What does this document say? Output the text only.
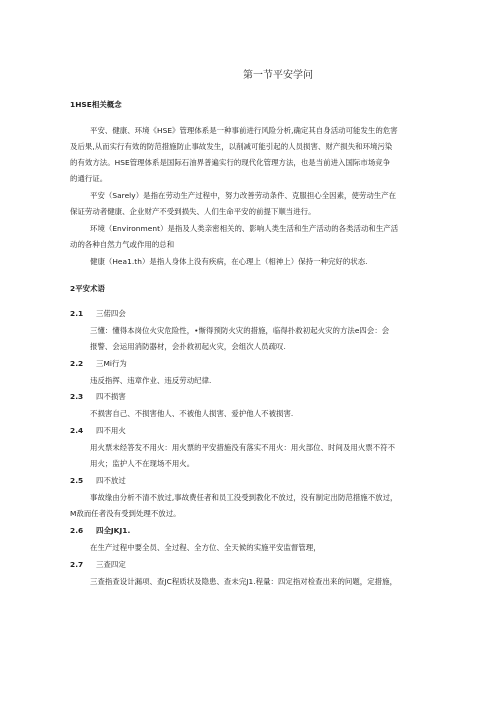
第一节平安学问
1HSE相关概念
平安、健康、环境《HSE》管理体系是一种事前进行风险分析,确定其自身活动可能发生的危害
及后果,从而实行有效的防范措施防止事故发生，以削减可能引起的人员损害、财产损失和环境污染
的有效方法。HSE管理体系是国际石油界普遍实行的现代化管理方法，也是当前进入国际市场竞争
的通行证。
平安（Sarely）是指在劳动生产过程中，努力改善劳动条件、克服担心全因素，使劳动生产在
保证劳动者健康、企业财产不受到损失、人们生命平安的前提下顺当进行。
环境（Environment）是指及人类亲密相关的、影响人类生活和生产活动的各类活动和生产活
动的各种自然力气或作用的总和
健康（Hea1.th）是指人身体上没有疾病，在心理上（相神上）保持一种完好的状态.
2平安术语
2.1 三偌四会
三懂：懂得本岗位火灾危险性，•惭得预防火灾的措施，临得扑救初起火灾的方法e四会：会
报警、会运用消防器材，会扑救初起火灾，会组次人员疏叹.
2.2 三Mi行为
违反指挥、违章作业、违反劳动纪律.
2.3 四不损害
不损害自己、不损害他人、不被他人损害、爱护他人不被损害.
2.4 四不用火
用火票未经答发不用火：用火票的平安措施没有落实不用火：用火部位、时间及用火票不符不
用火；监护人不在现场不用火。
2.5 四不放过
事故缘由分析不清不放过,事故费任者和员工没受到教化不放过，没有制定出防范措施不放过，
M敌而任者没有受到处理不放过。
2.6 四全JKJ1.
在生产过程中要全员、全过程、全方位、全天候的实施平安监督管理，
2.7 三查四定
三查指查设计漏项、查JC程质状及隐患、查未完J1.程量：四定指对检查出来的问题，定措施，
